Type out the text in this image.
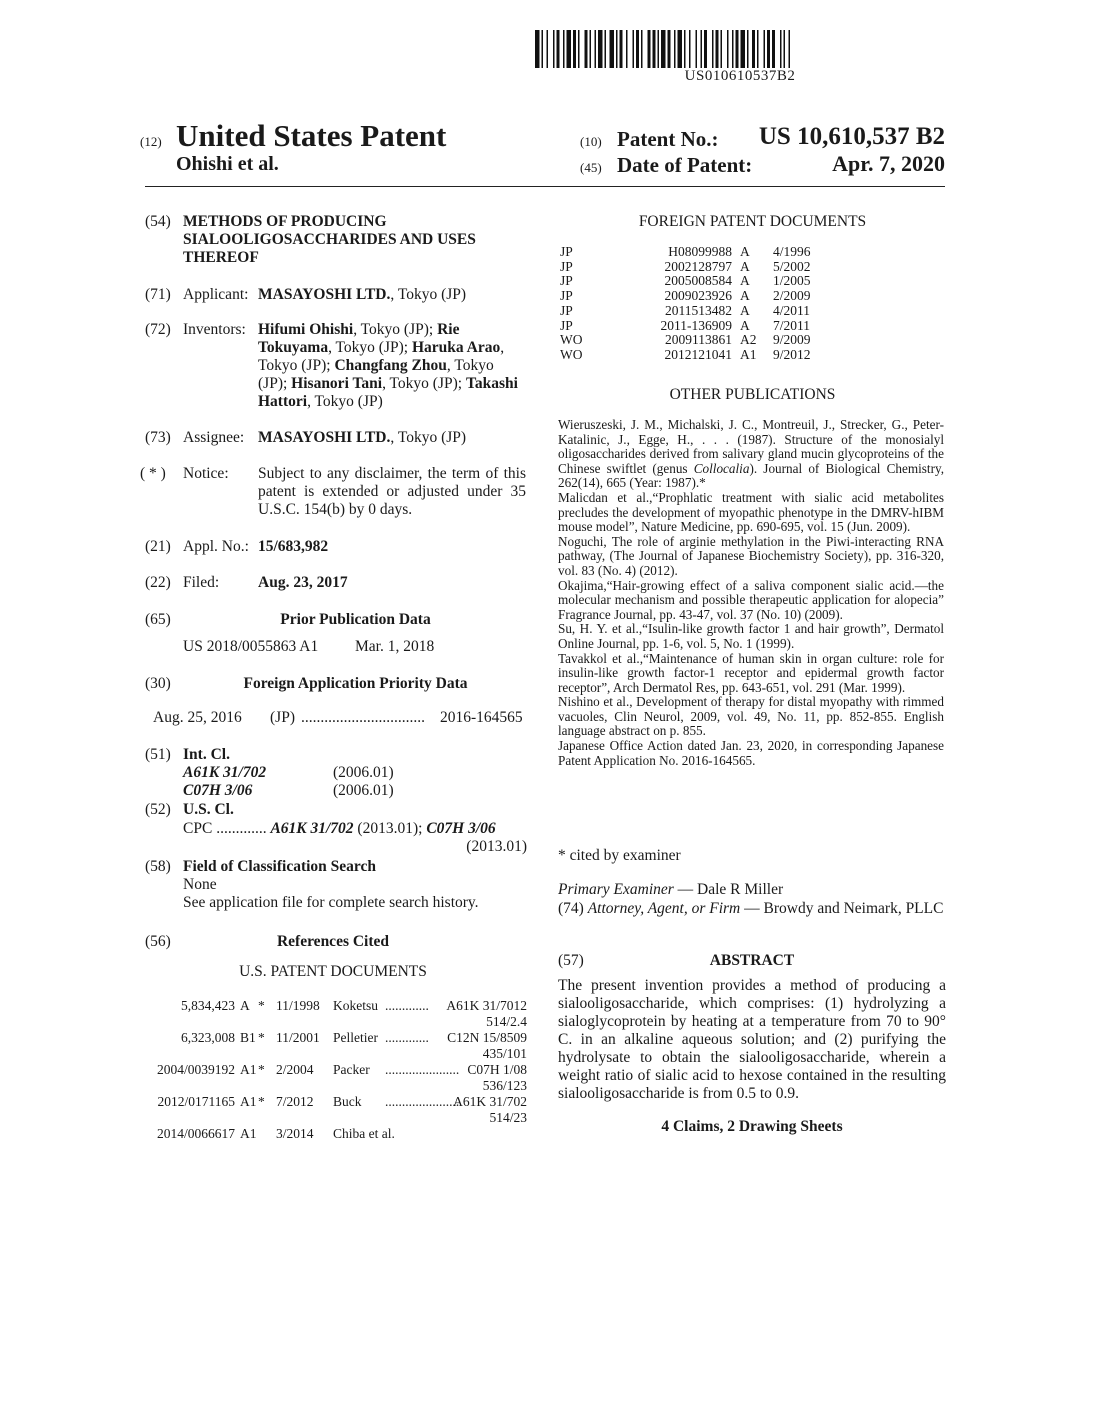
US010610537B2
(12) United States Patent
Ohishi et al.
(10) Patent No.:	US 10,610,537 B2
(45) Date of Patent:	Apr. 7, 2020
(54) METHODS OF PRODUCING SIALOOLIGOSACCHARIDES AND USES THEREOF
(71) Applicant: MASAYOSHI LTD., Tokyo (JP)
(72) Inventors: Hifumi Ohishi, Tokyo (JP); Rie Tokuyama, Tokyo (JP); Haruka Arao, Tokyo (JP); Changfang Zhou, Tokyo (JP); Hisanori Tani, Tokyo (JP); Takashi Hattori, Tokyo (JP)
(73) Assignee: MASAYOSHI LTD., Tokyo (JP)
( * ) Notice: Subject to any disclaimer, the term of this patent is extended or adjusted under 35 U.S.C. 154(b) by 0 days.
(21) Appl. No.: 15/683,982
(22) Filed:	Aug. 23, 2017
(65)	Prior Publication Data
US 2018/0055863 A1 Mar. 1, 2018
(30)	Foreign Application Priority Data
Aug. 25, 2016 (JP) ................................ 2016-164565
(51) Int. Cl.
A61K 31/702	(2006.01)
C07H 3/06	(2006.01)
(52) U.S. Cl.
CPC ............. A61K 31/702 (2013.01); C07H 3/06
(2013.01)
(58) Field of Classification Search
None
See application file for complete search history.
(56)	References Cited
U.S. PATENT DOCUMENTS
5,834,423 A * 11/1998 Koketsu .............	A61K 31/7012
514/2.4
6,323,008 B1 * 11/2001 Pelletier .............	C12N 15/8509
435/101
2004/0039192 A1 * 2/2004 Packer ...................... C07H 1/08
536/123
2012/0171165 A1 * 7/2012 Buck ......................
A61K 31/702
514/23
2014/0066617 A1 3/2014 Chiba et al.
FOREIGN PATENT DOCUMENTS
JP	H08099988	A	4/1996
JP	2002128797	A	5/2002
JP	2005008584	A	1/2005
JP	2009023926	A	2/2009
JP	2011513482	A	4/2011
JP	2011-136909	A	7/2011
WO	2009113861	A2	9/2009
WO	2012121041	A1	9/2012
OTHER PUBLICATIONS
Wieruszeski, J. M., Michalski, J. C., Montreuil, J., Strecker, G., Peter-Katalinic, J., Egge, H., . . . (1987). Structure of the monosialyl oligosaccharides derived from salivary gland mucin glycoproteins of the Chinese swiftlet (genus Collocalia). Journal of Biological Chemistry, 262(14), 665 (Year: 1987).*
Malicdan et al.,“Prophlatic treatment with sialic acid metabolites precludes the development of myopathic phenotype in the DMRV-hIBM mouse model”, Nature Medicine, pp. 690-695, vol. 15 (Jun. 2009).
Noguchi, The role of arginie methylation in the Piwi-interacting RNA pathway, (The Journal of Japanese Biochemistry Society), pp. 316-320, vol. 83 (No. 4) (2012).
Okajima,“Hair-growing effect of a saliva component sialic acid.—the molecular mechanism and possible therapeutic application for alopecia” Fragrance Journal, pp. 43-47, vol. 37 (No. 10) (2009).
Su, H. Y. et al.,“Isulin-like growth factor 1 and hair growth”, Dermatol Online Journal, pp. 1-6, vol. 5, No. 1 (1999).
Tavakkol et al.,“Maintenance of human skin in organ culture: role for insulin-like growth factor-1 receptor and epidermal growth factor receptor”, Arch Dermatol Res, pp. 643-651, vol. 291 (Mar. 1999).
Nishino et al., Development of therapy for distal myopathy with rimmed vacuoles, Clin Neurol, 2009, vol. 49, No. 11, pp. 852-855. English language abstract on p. 855.
Japanese Office Action dated Jan. 23, 2020, in corresponding Japanese Patent Application No. 2016-164565.
* cited by examiner
Primary Examiner — Dale R Miller
(74) Attorney, Agent, or Firm — Browdy and Neimark, PLLC
(57)	ABSTRACT
The present invention provides a method of producing a sialooligosaccharide, which comprises: (1) hydrolyzing a sialoglycoprotein by heating at a temperature from 70 to 90° C. in an alkaline aqueous solution; and (2) purifying the hydrolysate to obtain the sialooligosaccharide, wherein a weight ratio of sialic acid to hexose contained in the resulting sialooligosaccharide is from 0.5 to 0.9.
4 Claims, 2 Drawing Sheets
